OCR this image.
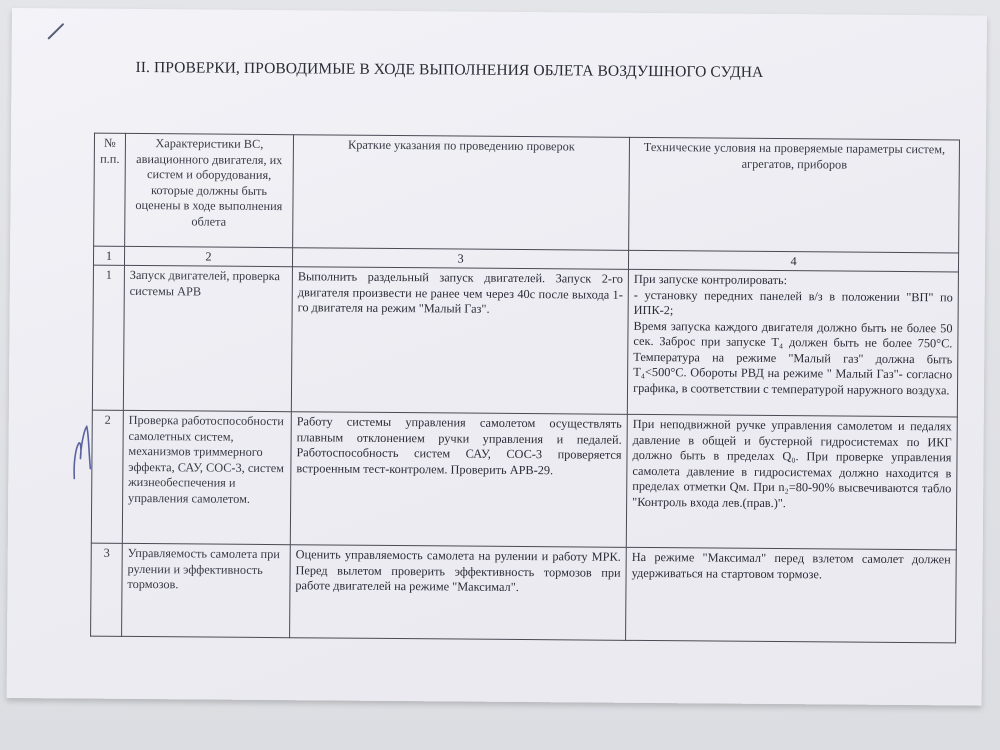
II. ПРОВЕРКИ, ПРОВОДИМЫЕ В ХОДЕ ВЫПОЛНЕНИЯ ОБЛЕТА ВОЗДУШНОГО СУДНА
№ п.п.	Характеристики ВС, авиационного двигателя, их систем и оборудования, которые должны быть оценены в ходе выполнения облета	Краткие указания по проведению проверок	Технические условия на проверяемые параметры систем, агрегатов, приборов
1	2	3	4
1	Запуск двигателей, проверка системы АРВ	Выполнить раздельный запуск двигателей. Запуск 2-го двигателя произвести не ранее чем через 40с после выхода 1-го двигателя на режим "Малый Газ".	При запуске контролировать:
- установку передних панелей в/з в положении "ВП" по ИПК-2;
Время запуска каждого двигателя должно быть не более 50 сек. Заброс при запуске T₄ должен быть не более 750°С. Температура на режиме "Малый газ" должна быть T₄<500°С. Обороты РВД на режиме " Малый Газ"- согласно графика, в соответствии с температурой наружного воздуха.

2	Проверка работоспособности самолетных систем, механизмов триммерного эффекта, САУ, СОС-3, систем жизнеобеспечения и управления самолетом.	Работу системы управления самолетом осуществлять плавным отклонением ручки управления и педалей. Работоспособность систем САУ, СОС-3 проверяется встроенным тест-контролем. Проверить АРВ-29.	При неподвижной ручке управления самолетом и педалях давление в общей и бустерной гидросистемах по ИКГ должно быть в пределах Q₀. При проверке управления самолета давление в гидросистемах должно находится в пределах отметки Qм. При n₂=80-90% высвечиваются табло "Контроль входа лев.(прав.)".

3	Управляемость самолета при рулении и эффективность тормозов.	Оценить управляемость самолета на рулении и работу МРК. Перед вылетом проверить эффективность тормозов при работе двигателей на режиме "Максимал".	На режиме "Максимал" перед взлетом самолет должен удерживаться на стартовом тормозе.
